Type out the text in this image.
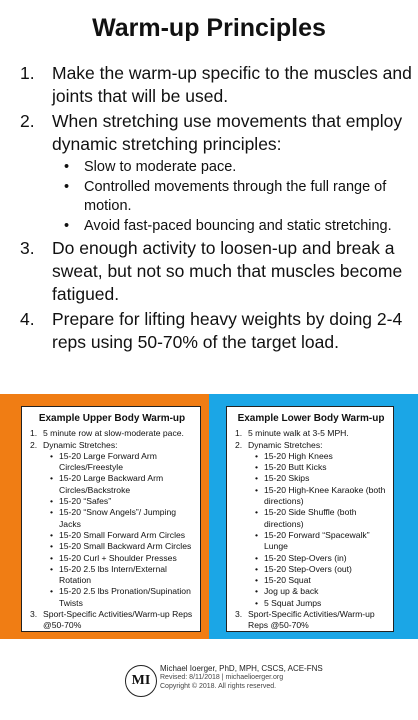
Warm-up Principles
1. Make the warm-up specific to the muscles and joints that will be used.
2. When stretching use movements that employ dynamic stretching principles:
•	Slow to moderate pace.
•	Controlled movements through the full range of motion.
•	Avoid fast-paced bouncing and static stretching.
3. Do enough activity to loosen-up and break a sweat, but not so much that muscles become fatigued.
4. Prepare for lifting heavy weights by doing 2-4 reps using 50-70% of the target load.
Example Upper Body Warm-up
1. 5 minute row at slow-moderate pace.
2. Dynamic Stretches:
• 15-20 Large Forward Arm Circles/Freestyle
• 15-20 Large Backward Arm Circles/Backstroke
• 15-20 “Safes”
• 15-20 “Snow Angels”/ Jumping Jacks
• 15-20 Small Forward Arm Circles
• 15-20 Small Backward Arm Circles
• 15-20 Curl + Shoulder Presses
• 15-20 2.5 lbs Intern/External Rotation
• 15-20 2.5 lbs Pronation/Supination Twists
3. Sport-Specific Activities/Warm-up Reps @50-70%
Example Lower Body Warm-up
1. 5 minute walk at 3-5 MPH.
2. Dynamic Stretches:
• 15-20 High Knees
• 15-20 Butt Kicks
• 15-20 Skips
• 15-20 High-Knee Karaoke (both directions)
• 15-20 Side Shuffle (both directions)
• 15-20 Forward “Spacewalk” Lunge
• 15-20 Step-Overs (in)
• 15-20 Step-Overs (out)
• 15-20 Squat
• Jog up & back
• 5 Squat Jumps
3. Sport-Specific Activities/Warm-up Reps @50-70%
MI
Michael Ioerger, PhD, MPH, CSCS, ACE-FNS
Revised: 8/11/2018 | michaelioerger.org
Copyright © 2018. All rights reserved.
